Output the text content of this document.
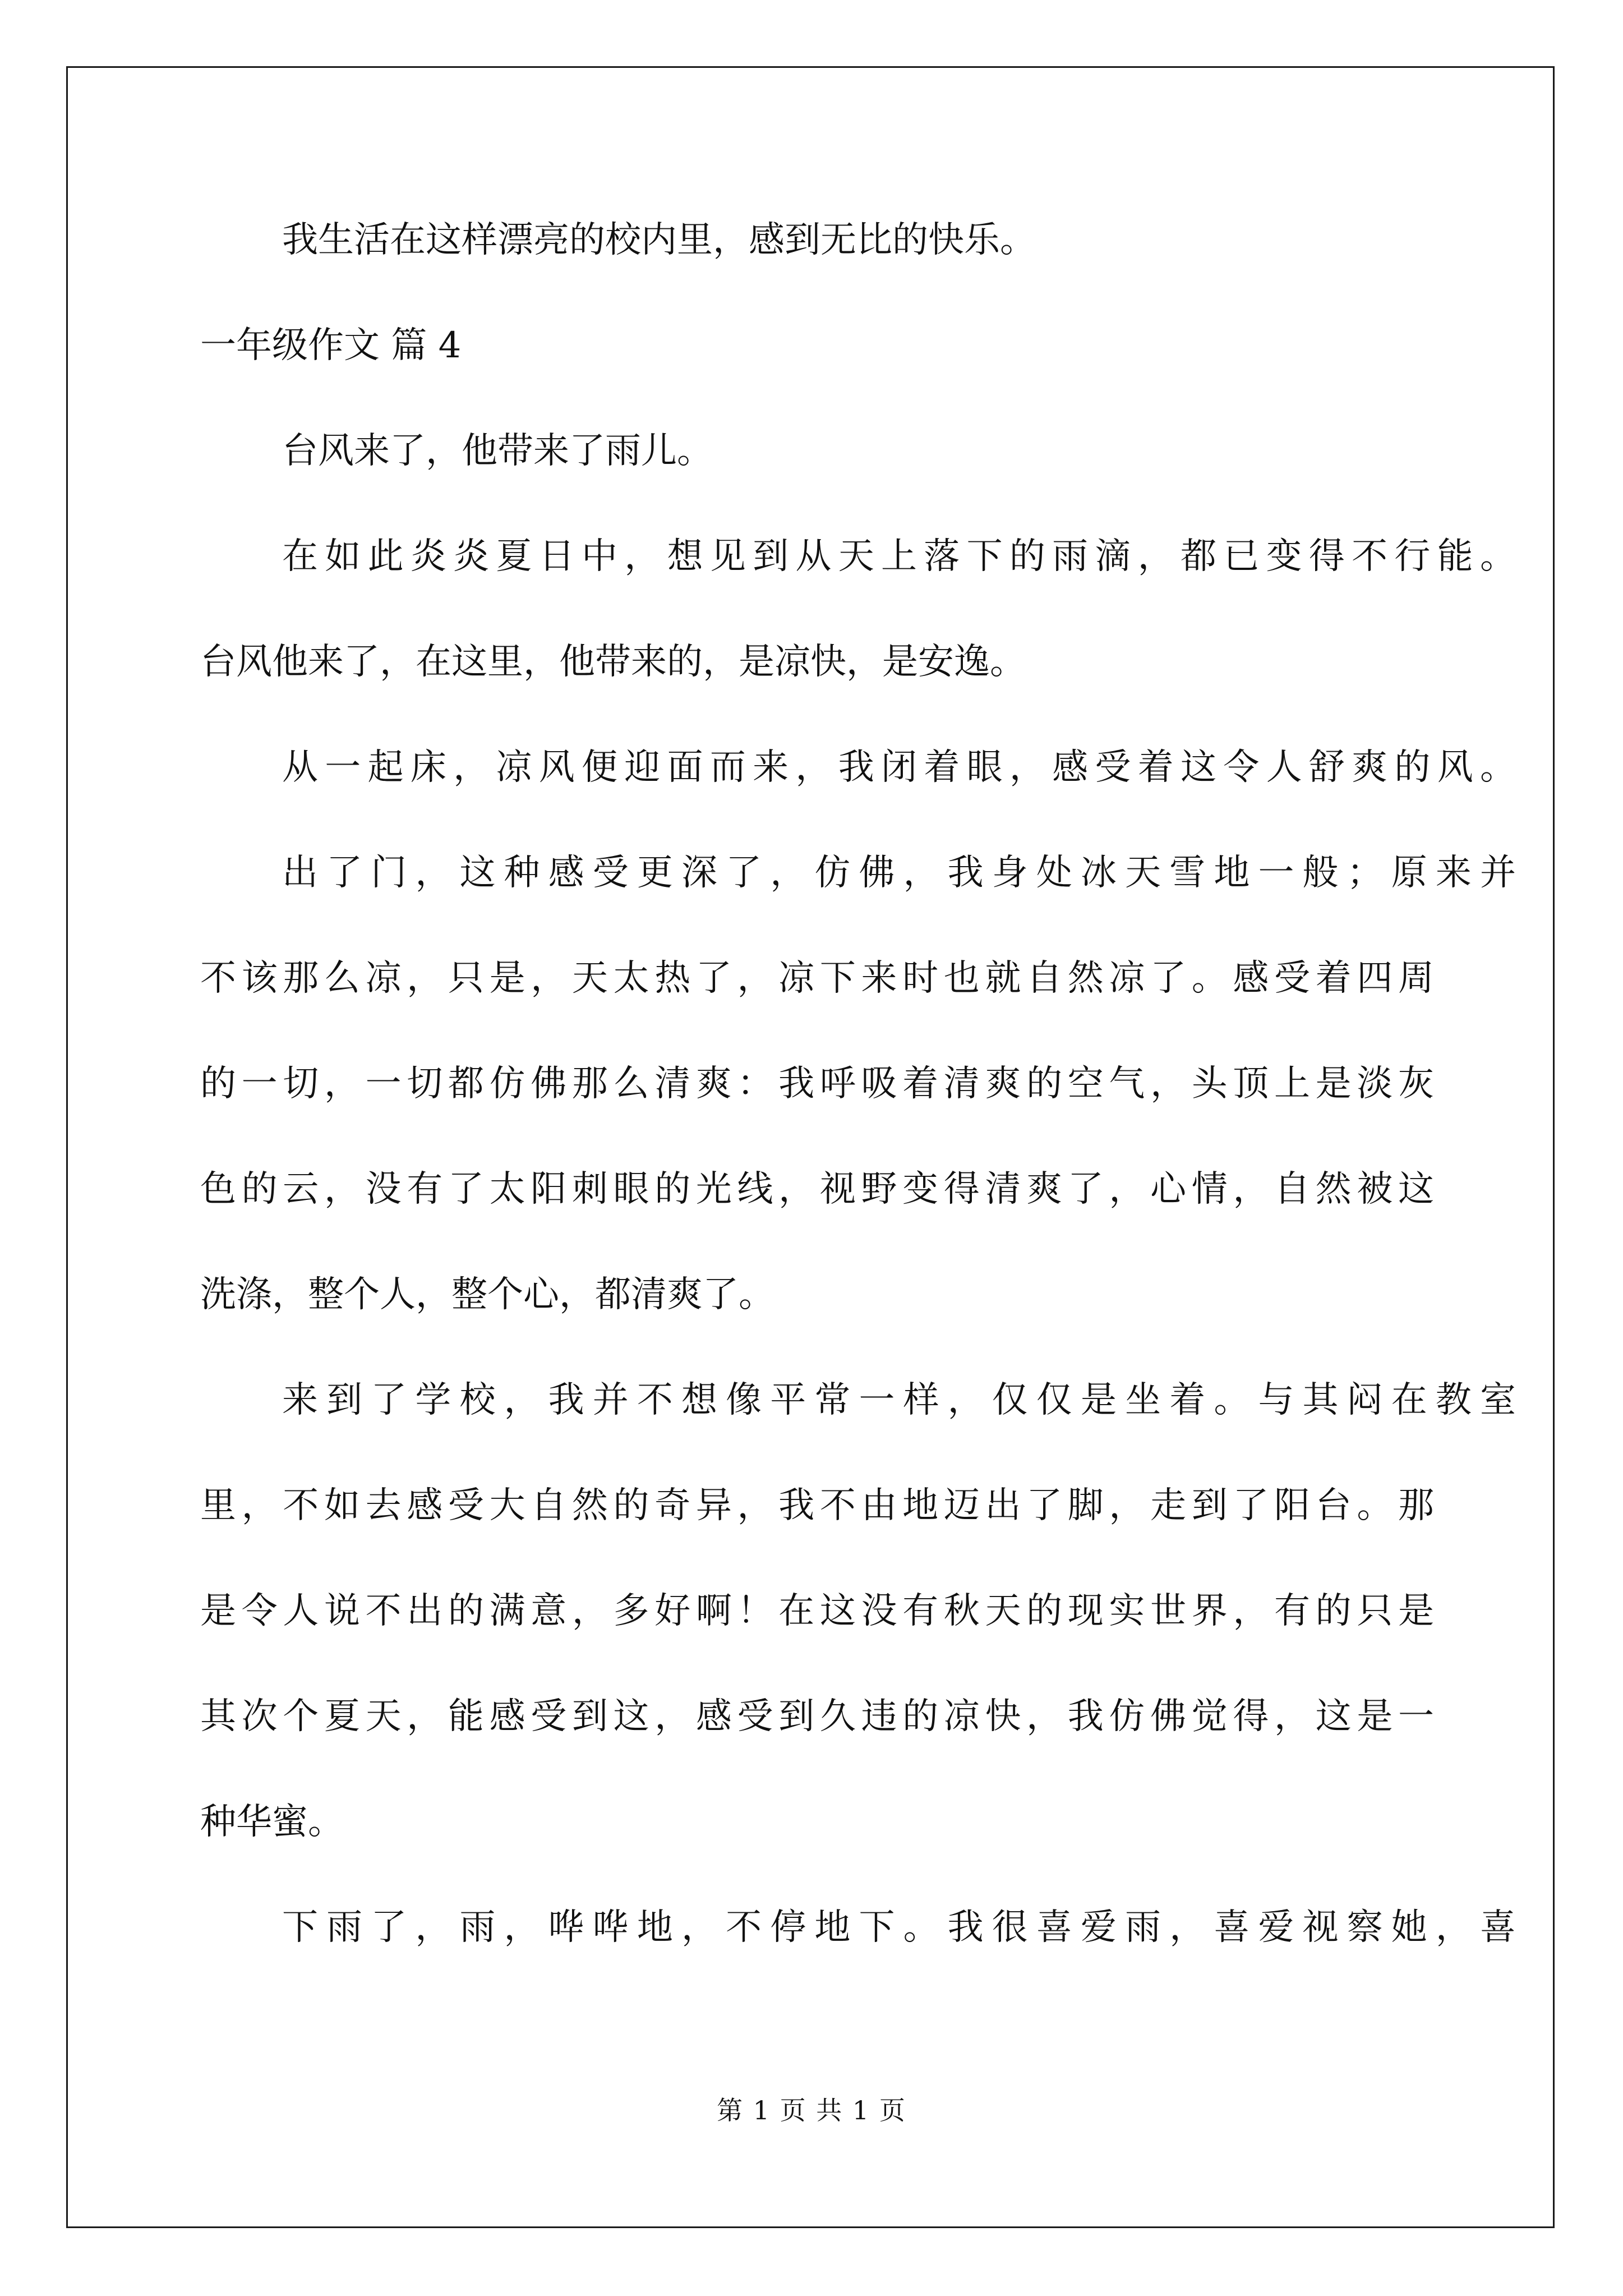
我生活在这样漂亮的校内里，感到无比的快乐。
一年级作文 篇 4
台风来了，他带来了雨儿。
在如此炎炎夏日中，想见到从天上落下的雨滴，都已变得不行能。
台风他来了，在这里，他带来的，是凉快，是安逸。
从一起床，凉风便迎面而来，我闭着眼，感受着这令人舒爽的风。
出了门，这种感受更深了，仿佛，我身处冰天雪地一般；原来并
不该那么凉，只是，天太热了，凉下来时也就自然凉了。感受着四周
的一切，一切都仿佛那么清爽：我呼吸着清爽的空气，头顶上是淡灰
色的云，没有了太阳刺眼的光线，视野变得清爽了，心情，自然被这
洗涤，整个人，整个心，都清爽了。
来到了学校，我并不想像平常一样，仅仅是坐着。与其闷在教室
里，不如去感受大自然的奇异，我不由地迈出了脚，走到了阳台。那
是令人说不出的满意，多好啊！在这没有秋天的现实世界，有的只是
其次个夏天，能感受到这，感受到久违的凉快，我仿佛觉得，这是一
种华蜜。
下雨了，雨，哗哗地，不停地下。我很喜爱雨，喜爱视察她，喜
第 1 页 共 1 页
